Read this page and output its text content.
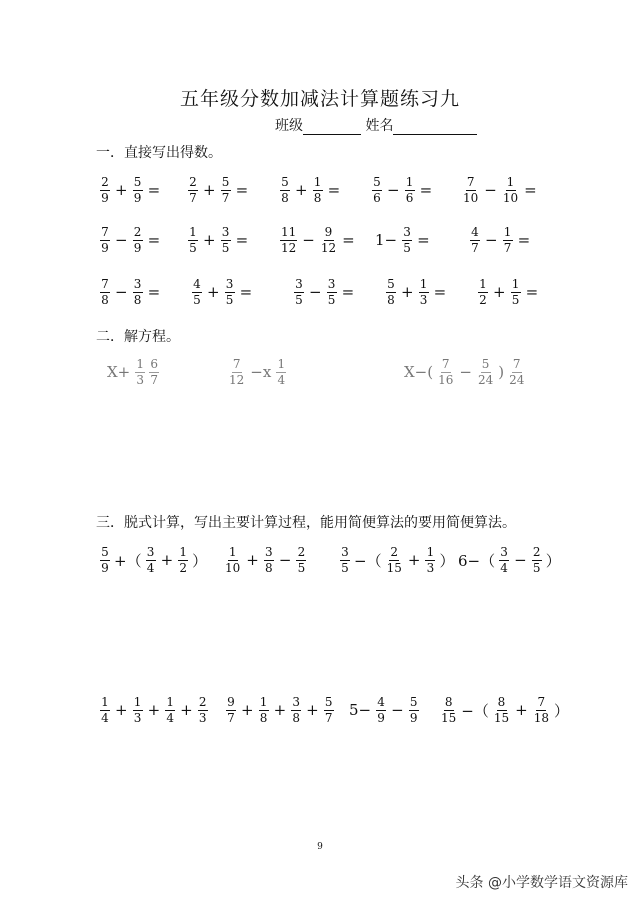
五年级分数加减法计算题练习九
班级	姓名
一．直接写出得数。
$\frac{2}{9} + \frac{5}{9} = \frac{2}{7} + \frac{5}{7}$ =	$\frac{5}{8} + \frac{1}{8}$ =	$\frac{5}{6} - \frac{1}{6} = \frac{7}{10} - \frac{1}{10}$ =
$\frac{7}{9} - \frac{2}{9} = \frac{1}{5} + \frac{3}{5}$ =	$\frac{11}{12} - \frac{9}{12} = 1- \frac{3}{5}$ =	$\frac{4}{7} - \frac{1}{7}$ =
$\frac{7}{8} - \frac{3}{8}$ =	$\frac{4}{5} + \frac{3}{5}$ =	$\frac{3}{5} - \frac{3}{5}$ =	$\frac{5}{8} + \frac{1}{3}$ =	$\frac{1}{2} + \frac{1}{5}$ =
二．解方程。
$X+ \frac{1}{3} \frac{6}{7}$	$\frac{7}{12} -x \frac{1}{4}$	$X-( \frac{7}{16} - \frac{5}{24}$ ) $\frac{7}{24}$
三．脱式计算，写出主要计算过程，能用简便算法的要用简便算法。
$\frac{5}{9}$ +（ $\frac{3}{4} + \frac{1}{2}$ ） $\frac{1}{10} + \frac{3}{8} - \frac{2}{5}$	$\frac{3}{5}$ −（ $\frac{2}{15} + \frac{1}{3}$ ） $6-( \frac{3}{4} - \frac{2}{5}$ ）
$\frac{1}{4} + \frac{1}{3} + \frac{1}{4} + \frac{2}{3} \frac{9}{7} + \frac{1}{8} + \frac{3}{8} + \frac{5}{7} 5- \frac{4}{9} - \frac{5}{9} \frac{8}{15}$ −（ $\frac{8}{15} + \frac{7}{18}$ ）
9
头条 @小学数学语文资源库
